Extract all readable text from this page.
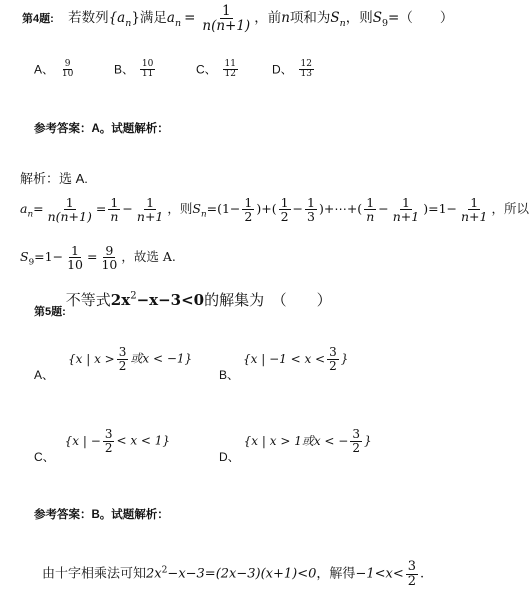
第4题: 若数列$\{a_n\}$满足$a_n = \frac{1}{n(n+1)}$ ，前n项和为$S_n$，则$S_9=$（　　）
A、 $\frac{9}{10}$	B、 $\frac{10}{11}$	C、 $\frac{11}{12}$	D、 $\frac{12}{13}$
参考答案：A。试题解析：
解析：选 A.
$a_n= \frac{1}{n(n+1)} = \frac{1}{n} - \frac{1}{n+1}$ ，则$S_n=(1- \frac{1}{2}$ )+( $\frac{1}{2} - \frac{1}{3}$ )+⋯+( $\frac{1}{n} - \frac{1}{n+1} )=1- \frac{1}{n+1}$ ，所以
$S_9=1- \frac{1}{10} = \frac{9}{10}$ ，故选 A.
$_{第5题:}$不等式$2x^2-x-3<0$的解集为　（　　）
A、{x | $x > \frac{3}{2}$ 或x < −1}
B、{x | $-1 < x < \frac{3}{2}$ }
C、{x | − $\frac{3}{2} < x < 1$}
D、{x | x > 1或x < − $\frac{3}{2}$ }
参考答案：B。试题解析：
由十字相乘法可知$2x^2-x-3=(2x-3)(x+1)<0$，解得$-1<x< \frac{3}{2}$ .
